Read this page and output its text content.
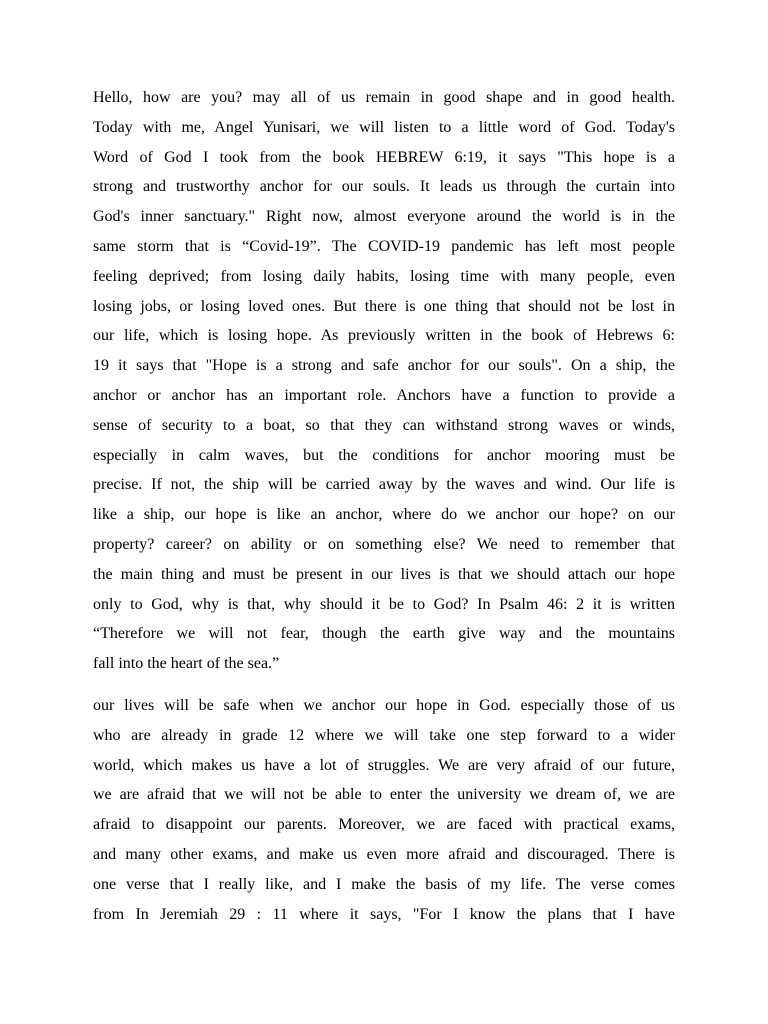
Hello, how are you? may all of us remain in good shape and in good health.
Today with me, Angel Yunisari, we will listen to a little word of God. Today's
Word of God I took from the book HEBREW 6:19, it says "This hope is a
strong and trustworthy anchor for our souls. It leads us through the curtain into
God's inner sanctuary." Right now, almost everyone around the world is in the
same storm that is “Covid-19”. The COVID-19 pandemic has left most people
feeling deprived; from losing daily habits, losing time with many people, even
losing jobs, or losing loved ones. But there is one thing that should not be lost in
our life, which is losing hope. As previously written in the book of Hebrews 6:
19 it says that "Hope is a strong and safe anchor for our souls". On a ship, the
anchor or anchor has an important role. Anchors have a function to provide a
sense of security to a boat, so that they can withstand strong waves or winds,
especially in calm waves, but the conditions for anchor mooring must be
precise. If not, the ship will be carried away by the waves and wind. Our life is
like a ship, our hope is like an anchor, where do we anchor our hope? on our
property? career? on ability or on something else? We need to remember that
the main thing and must be present in our lives is that we should attach our hope
only to God, why is that, why should it be to God? In Psalm 46: 2 it is written
“Therefore we will not fear, though the earth give way and the mountains
fall into the heart of the sea.”

our lives will be safe when we anchor our hope in God. especially those of us
who are already in grade 12 where we will take one step forward to a wider
world, which makes us have a lot of struggles. We are very afraid of our future,
we are afraid that we will not be able to enter the university we dream of, we are
afraid to disappoint our parents. Moreover, we are faced with practical exams,
and many other exams, and make us even more afraid and discouraged. There is
one verse that I really like, and I make the basis of my life. The verse comes
from In Jeremiah 29 : 11 where it says, "For I know the plans that I have
